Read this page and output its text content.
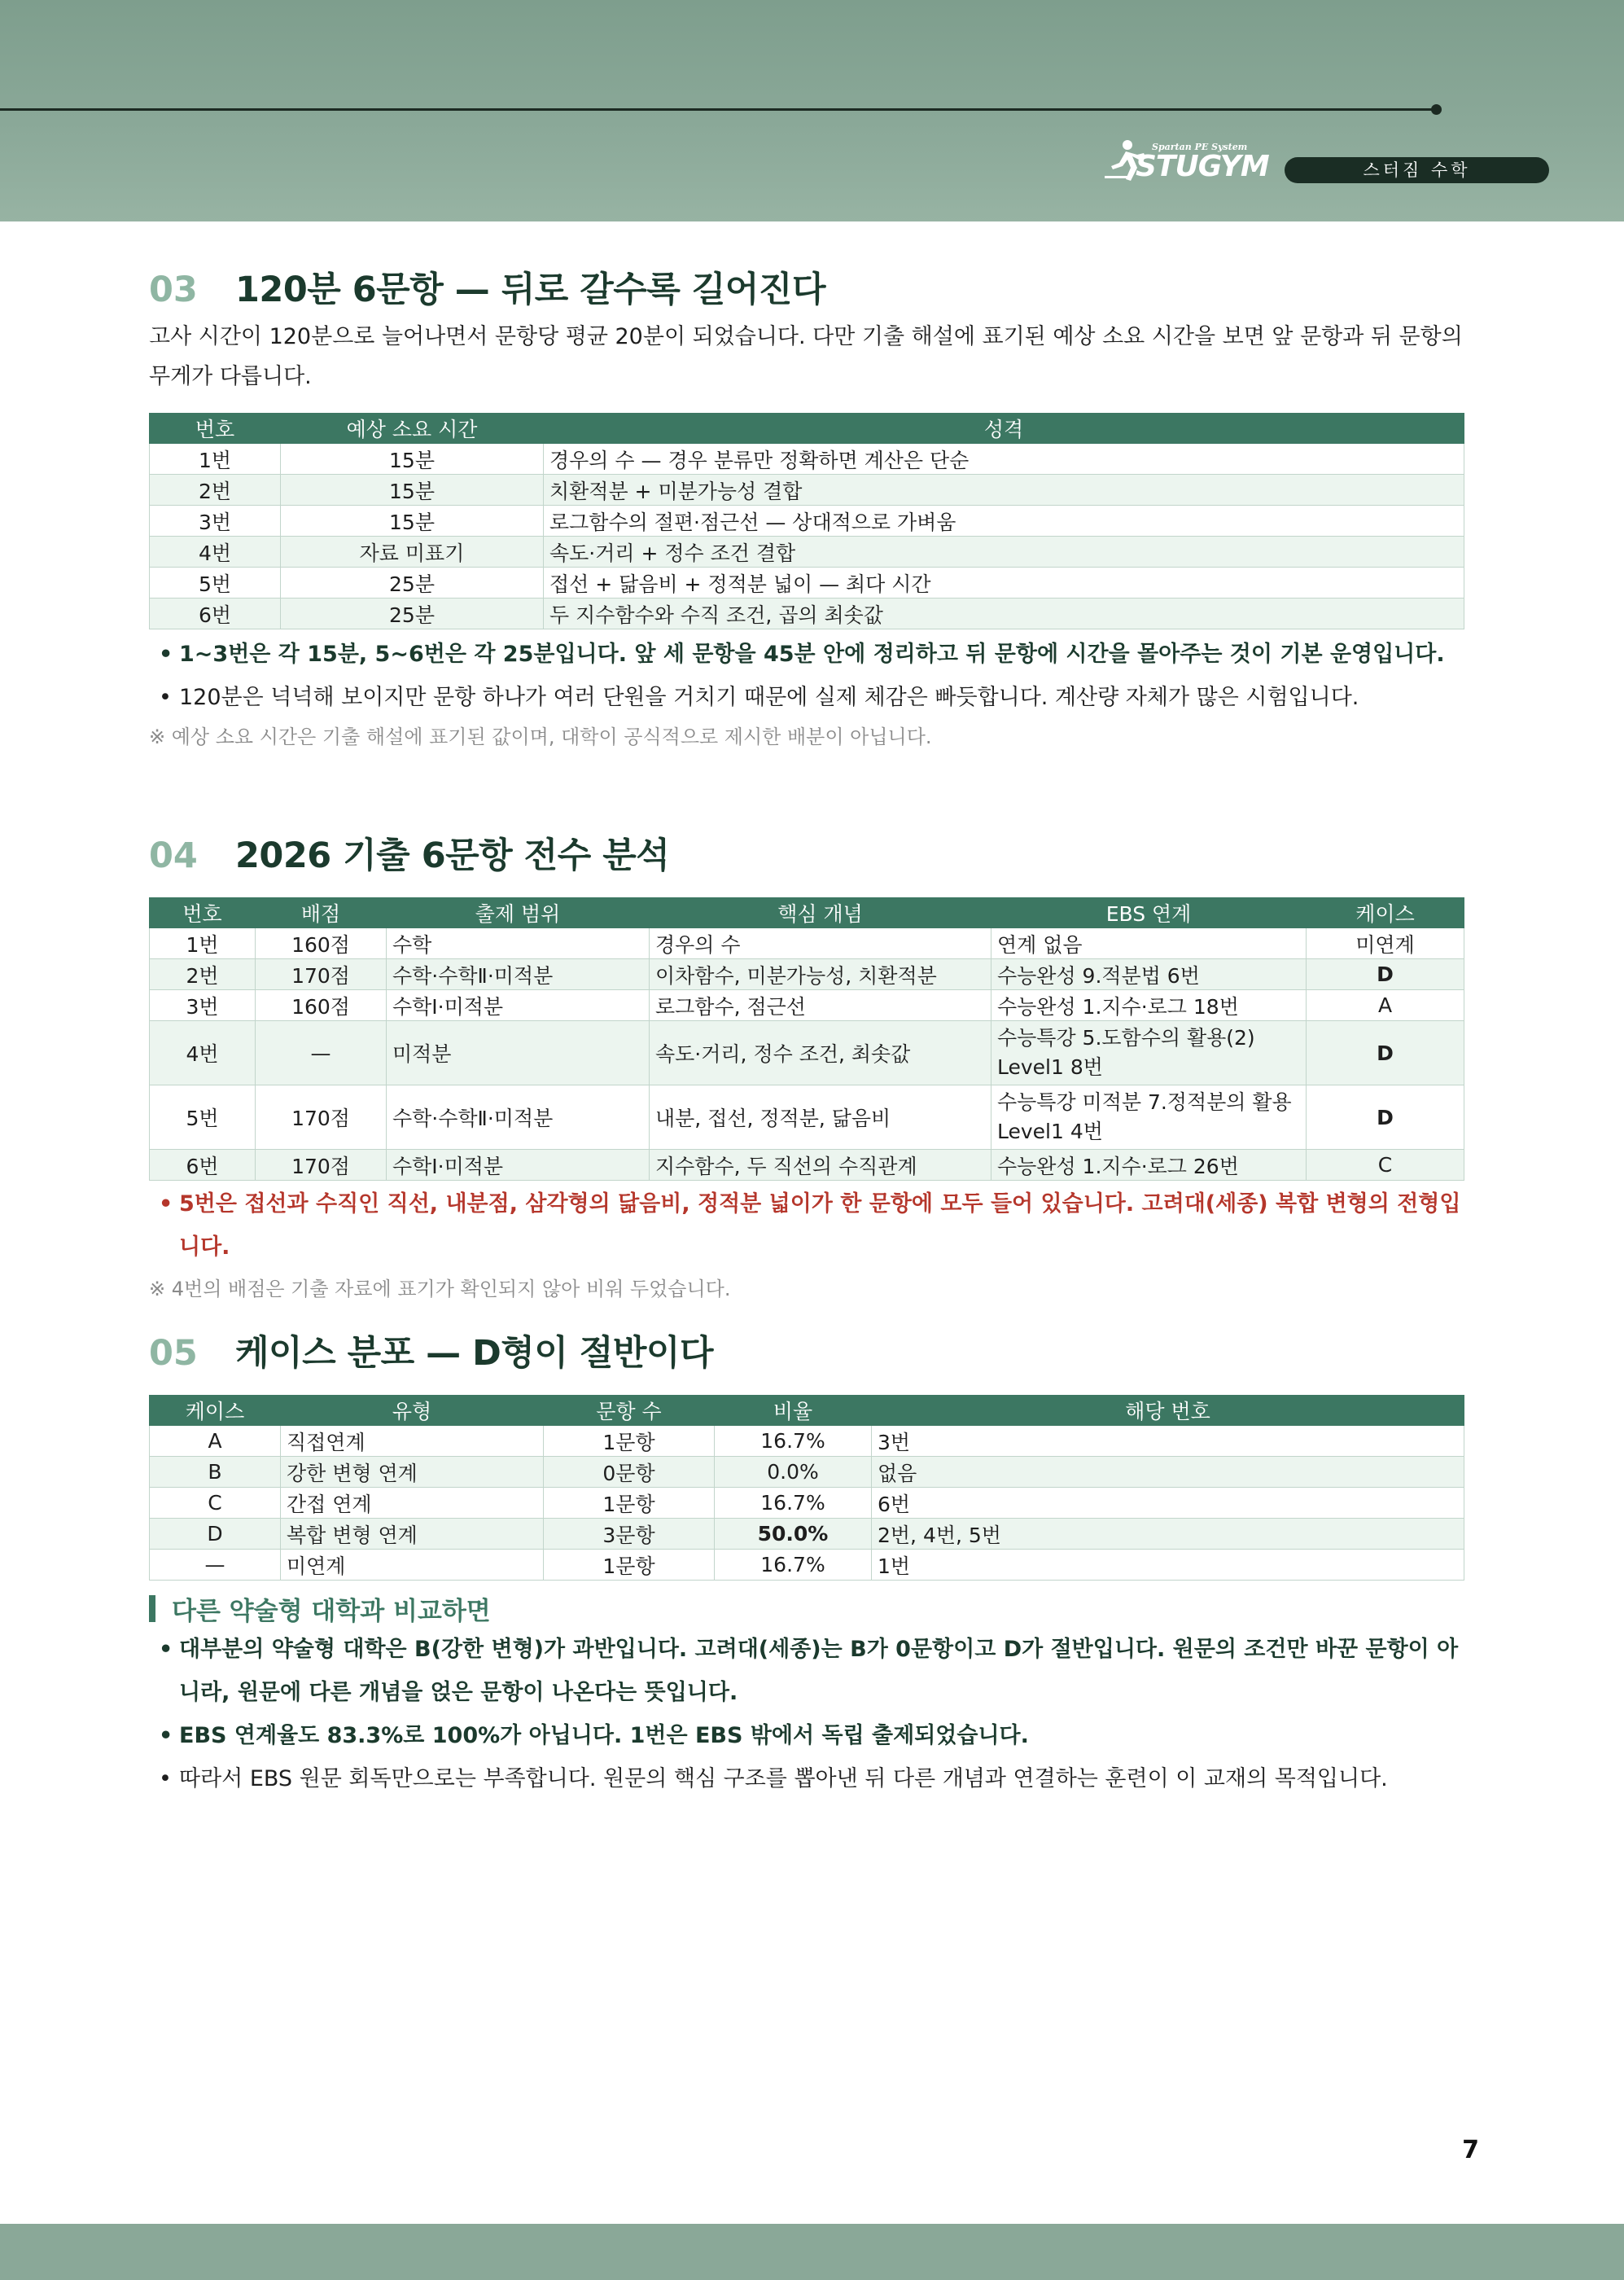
Spartan PE System
STUGYM	스터짐 수학
03	120분 6문항 — 뒤로 갈수록 길어진다

고사 시간이 120분으로 늘어나면서 문항당 평균 20분이 되었습니다. 다만 기출 해설에 표기된 예상 소요 시간을 보면 앞 문항과 뒤 문항의 무게가 다릅니다.

번호	예상 소요 시간	성격
1번	15분	경우의 수 — 경우 분류만 정확하면 계산은 단순
2번	15분	치환적분 + 미분가능성 결합
3번	15분	로그함수의 절편·점근선 — 상대적으로 가벼움
4번	자료 미표기	속도·거리 + 정수 조건 결합
5번	25분	접선 + 닮음비 + 정적분 넓이 — 최다 시간
6번	25분	두 지수함수와 수직 조건, 곱의 최솟값
• 1~3번은 각 15분, 5~6번은 각 25분입니다. 앞 세 문항을 45분 안에 정리하고 뒤 문항에 시간을 몰아주는 것이 기본 운영입니다.
• 120분은 넉넉해 보이지만 문항 하나가 여러 단원을 거치기 때문에 실제 체감은 빠듯합니다. 계산량 자체가 많은 시험입니다.

※ 예상 소요 시간은 기출 해설에 표기된 값이며, 대학이 공식적으로 제시한 배분이 아닙니다.

04	2026 기출 6문항 전수 분석
번호	배점	출제 범위	핵심 개념	EBS 연계	케이스
1번	160점	수학	경우의 수	연계 없음	미연계
2번	170점	수학·수학Ⅱ·미적분	이차함수, 미분가능성, 치환적분	수능완성 9.적분법 6번	D
3번	160점	수학Ⅰ·미적분	로그함수, 점근선	수능완성 1.지수·로그 18번	A
4번	—	미적분	속도·거리, 정수 조건, 최솟값	수능특강 5.도함수의 활용(2) Level1 8번	D
5번	170점	수학·수학Ⅱ·미적분	내분, 접선, 정적분, 닮음비	수능특강 미적분 7.정적분의 활용 Level1 4번	D
6번	170점	수학Ⅰ·미적분	지수함수, 두 직선의 수직관계	수능완성 1.지수·로그 26번	C
• 5번은 접선과 수직인 직선, 내분점, 삼각형의 닮음비, 정적분 넓이가 한 문항에 모두 들어 있습니다. 고려대(세종) 복합 변형의 전형입니다.

※ 4번의 배점은 기출 자료에 표기가 확인되지 않아 비워 두었습니다.

05	케이스 분포 — D형이 절반이다
케이스	유형	문항 수	비율	해당 번호
A	직접연계	1문항	16.7%	3번
B	강한 변형 연계	0문항	0.0%	없음
C	간접 연계	1문항	16.7%	6번
D	복합 변형 연계	3문항	50.0%	2번, 4번, 5번
—	미연계	1문항	16.7%	1번
다른 약술형 대학과 비교하면
• 대부분의 약술형 대학은 B(강한 변형)가 과반입니다. 고려대(세종)는 B가 0문항이고 D가 절반입니다. 원문의 조건만 바꾼 문항이 아니라, 원문에 다른 개념을 얹은 문항이 나온다는 뜻입니다.
• EBS 연계율도 83.3%로 100%가 아닙니다. 1번은 EBS 밖에서 독립 출제되었습니다.
• 따라서 EBS 원문 회독만으로는 부족합니다. 원문의 핵심 구조를 뽑아낸 뒤 다른 개념과 연결하는 훈련이 이 교재의 목적입니다.
7
